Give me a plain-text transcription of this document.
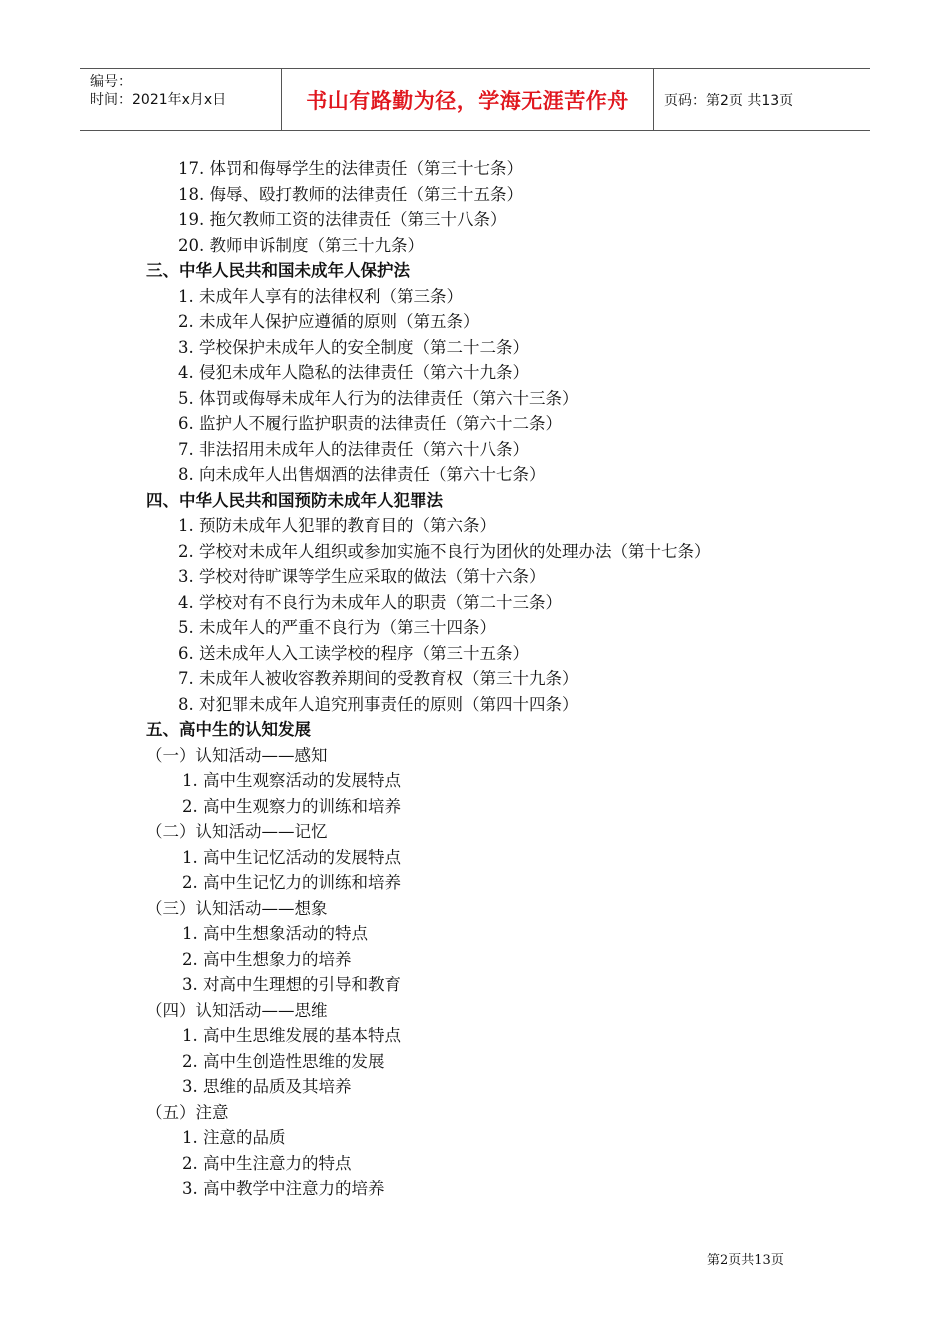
编号：
时间：2021年x月x日	书山有路勤为径，学海无涯苦作舟	页码：第2页 共13页
17. 体罚和侮辱学生的法律责任（第三十七条）
18. 侮辱、殴打教师的法律责任（第三十五条）
19. 拖欠教师工资的法律责任（第三十八条）
20. 教师申诉制度（第三十九条）
三、中华人民共和国未成年人保护法
1. 未成年人享有的法律权利（第三条）
2. 未成年人保护应遵循的原则（第五条）
3. 学校保护未成年人的安全制度（第二十二条）
4. 侵犯未成年人隐私的法律责任（第六十九条）
5. 体罚或侮辱未成年人行为的法律责任（第六十三条）
6. 监护人不履行监护职责的法律责任（第六十二条）
7. 非法招用未成年人的法律责任（第六十八条）
8. 向未成年人出售烟酒的法律责任（第六十七条）
四、中华人民共和国预防未成年人犯罪法
1. 预防未成年人犯罪的教育目的（第六条）
2. 学校对未成年人组织或参加实施不良行为团伙的处理办法（第十七条）
3. 学校对待旷课等学生应采取的做法（第十六条）
4. 学校对有不良行为未成年人的职责（第二十三条）
5. 未成年人的严重不良行为（第三十四条）
6. 送未成年人入工读学校的程序（第三十五条）
7. 未成年人被收容教养期间的受教育权（第三十九条）
8. 对犯罪未成年人追究刑事责任的原则（第四十四条）
五、高中生的认知发展
（一）认知活动——感知
1. 高中生观察活动的发展特点
2. 高中生观察力的训练和培养
（二）认知活动——记忆
1. 高中生记忆活动的发展特点
2. 高中生记忆力的训练和培养
（三）认知活动——想象
1. 高中生想象活动的特点
2. 高中生想象力的培养
3. 对高中生理想的引导和教育
（四）认知活动——思维
1. 高中生思维发展的基本特点
2. 高中生创造性思维的发展
3. 思维的品质及其培养
（五）注意
1. 注意的品质
2. 高中生注意力的特点
3. 高中教学中注意力的培养
第2页共13页
